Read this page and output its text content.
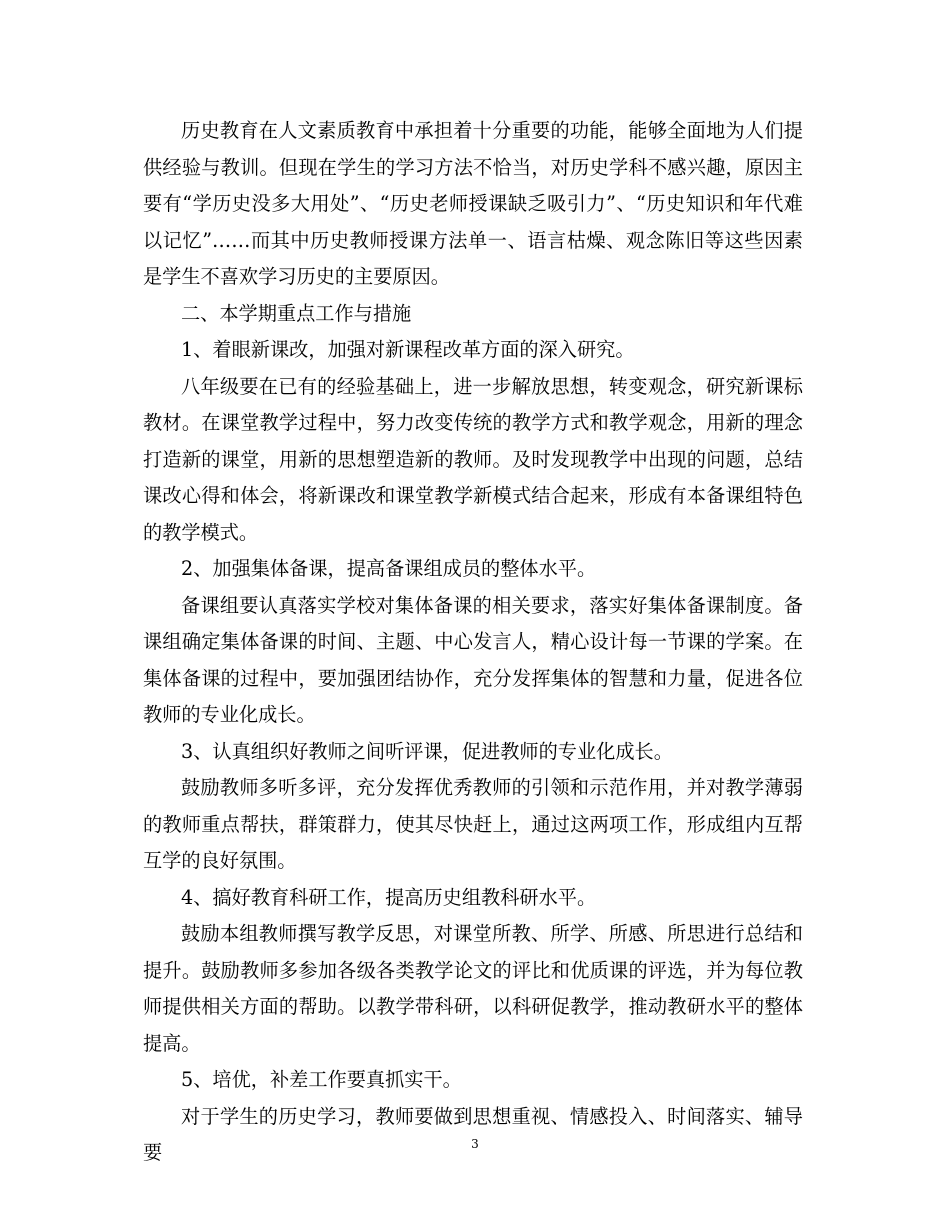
历史教育在人文素质教育中承担着十分重要的功能，能够全面地为人们提供经验与教训。但现在学生的学习方法不恰当，对历史学科不感兴趣，原因主要有“学历史没多大用处”、“历史老师授课缺乏吸引力”、“历史知识和年代难以记忆”……而其中历史教师授课方法单一、语言枯燥、观念陈旧等这些因素是学生不喜欢学习历史的主要原因。

二、本学期重点工作与措施

1、着眼新课改，加强对新课程改革方面的深入研究。

八年级要在已有的经验基础上，进一步解放思想，转变观念，研究新课标教材。在课堂教学过程中，努力改变传统的教学方式和教学观念，用新的理念打造新的课堂，用新的思想塑造新的教师。及时发现教学中出现的问题，总结课改心得和体会，将新课改和课堂教学新模式结合起来，形成有本备课组特色的教学模式。

2、加强集体备课，提高备课组成员的整体水平。

备课组要认真落实学校对集体备课的相关要求，落实好集体备课制度。备课组确定集体备课的时间、主题、中心发言人，精心设计每一节课的学案。在集体备课的过程中，要加强团结协作，充分发挥集体的智慧和力量，促进各位教师的专业化成长。

3、认真组织好教师之间听评课，促进教师的专业化成长。

鼓励教师多听多评，充分发挥优秀教师的引领和示范作用，并对教学薄弱的教师重点帮扶，群策群力，使其尽快赶上，通过这两项工作，形成组内互帮互学的良好氛围。

4、搞好教育科研工作，提高历史组教科研水平。

鼓励本组教师撰写教学反思，对课堂所教、所学、所感、所思进行总结和提升。鼓励教师多参加各级各类教学论文的评比和优质课的评选，并为每位教师提供相关方面的帮助。以教学带科研，以科研促教学，推动教研水平的整体提高。

5、培优，补差工作要真抓实干。

对于学生的历史学习，教师要做到思想重视、情感投入、时间落实、辅导要	3
